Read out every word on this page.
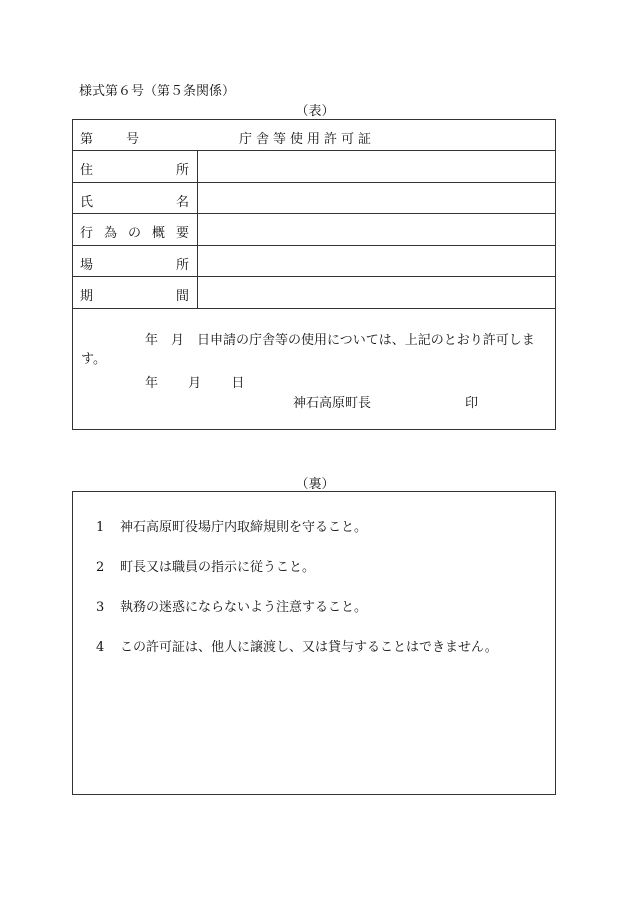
様式第６号（第５条関係）
（表）
第	号	庁舎等使用許可証
住	所
氏	名
行 為 の 概 要
場	所
期	間
年　月　日申請の庁舎等の使用については、上記のとおり許可しま
す。
年 月 日
神石高原町長	印
（裏）
1 神石高原町役場庁内取締規則を守ること。
2 町長又は職員の指示に従うこと。
3 執務の迷惑にならないよう注意すること。
4 この許可証は、他人に譲渡し、又は貸与することはできません。
